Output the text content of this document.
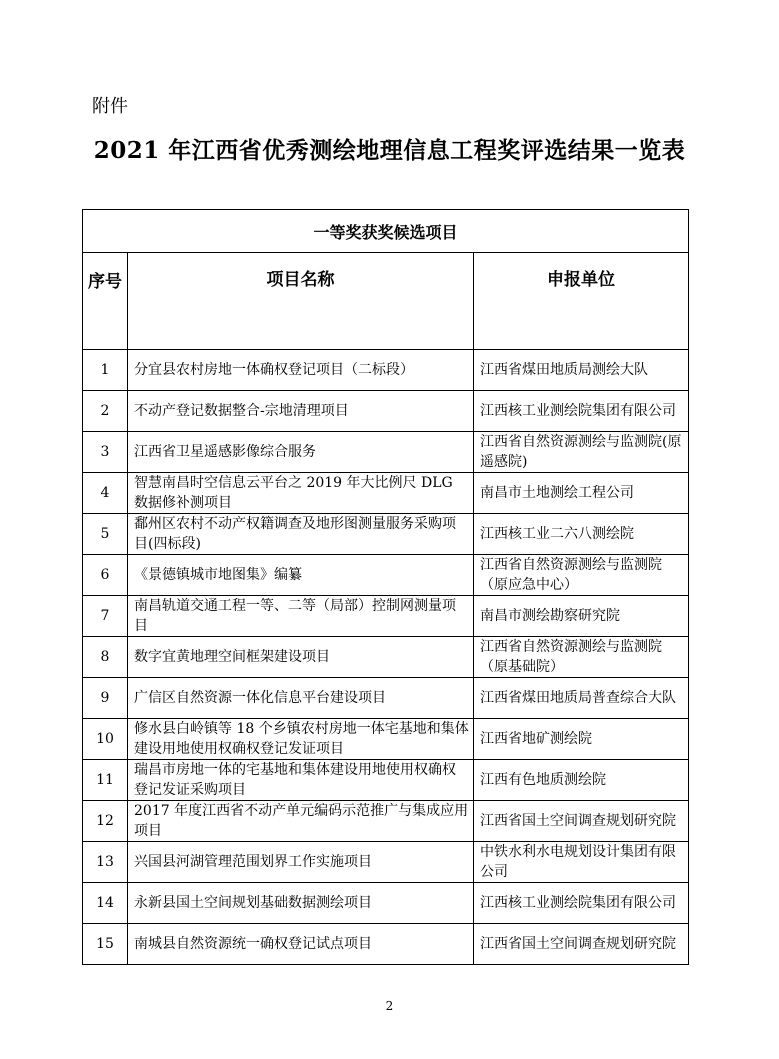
附件
2021 年江西省优秀测绘地理信息工程奖评选结果一览表
一等奖获奖候选项目		
序号	项目名称	申报单位
1	分宜县农村房地一体确权登记项目（二标段）	江西省煤田地质局测绘大队
2	不动产登记数据整合-宗地清理项目	江西核工业测绘院集团有限公司
3	江西省卫星遥感影像综合服务	江西省自然资源测绘与监测院(原遥感院)
4	智慧南昌时空信息云平台之 2019 年大比例尺 DLG 数据修补测项目	南昌市土地测绘工程公司
5	鄱州区农村不动产权籍调查及地形图测量服务采购项目(四标段)	江西核工业二六八测绘院
6	《景德镇城市地图集》编纂	江西省自然资源测绘与监测院（原应急中心）
7	南昌轨道交通工程一等、二等（局部）控制网测量项目	南昌市测绘勘察研究院
8	数字宜黄地理空间框架建设项目	江西省自然资源测绘与监测院（原基础院）
9	广信区自然资源一体化信息平台建设项目	江西省煤田地质局普查综合大队
10	修水县白岭镇等 18 个乡镇农村房地一体宅基地和集体建设用地使用权确权登记发证项目	江西省地矿测绘院
11	瑞昌市房地一体的宅基地和集体建设用地使用权确权登记发证采购项目	江西有色地质测绘院
12	2017 年度江西省不动产单元编码示范推广与集成应用项目	江西省国土空间调查规划研究院
13	兴国县河湖管理范围划界工作实施项目	中铁水利水电规划设计集团有限公司
14	永新县国土空间规划基础数据测绘项目	江西核工业测绘院集团有限公司
15	南城县自然资源统一确权登记试点项目	江西省国土空间调查规划研究院
2
